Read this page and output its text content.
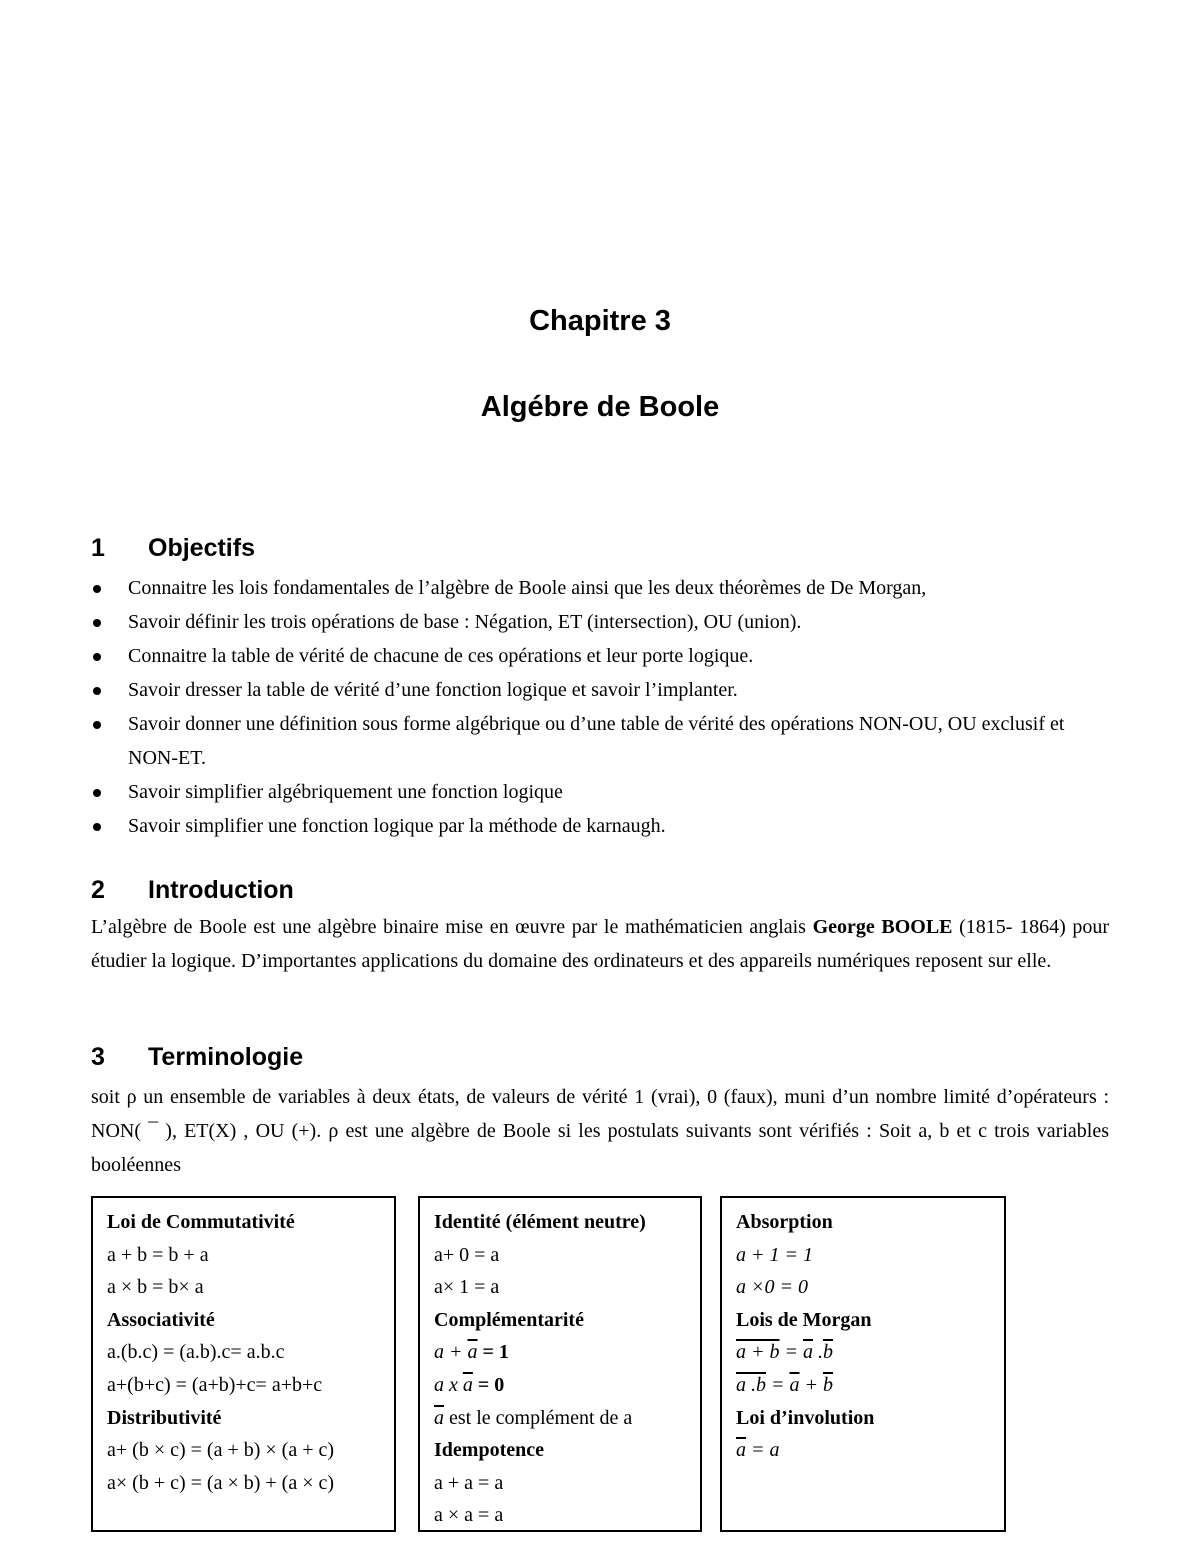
Chapitre 3
Algébre de Boole
1 Objectifs
Connaitre les lois fondamentales de l’algèbre de Boole ainsi que les deux théorèmes de De Morgan,
Savoir définir les trois opérations de base : Négation, ET (intersection), OU (union).
Connaitre la table de vérité de chacune de ces opérations et leur porte logique.
Savoir dresser la table de vérité d’une fonction logique et savoir l’implanter.
Savoir donner une définition sous forme algébrique ou d’une table de vérité des opérations NON-OU, OU exclusif et NON-ET.
Savoir simplifier algébriquement une fonction logique
Savoir simplifier une fonction logique par la méthode de karnaugh.
2 Introduction

L’algèbre de Boole est une algèbre binaire mise en œuvre par le mathématicien anglais George BOOLE (1815- 1864) pour étudier la logique. D’importantes applications du domaine des ordinateurs et des appareils numériques reposent sur elle.

3 Terminologie

soit ρ un ensemble de variables à deux états, de valeurs de vérité 1 (vrai), 0 (faux), muni d’un nombre limité d’opérateurs : NON( ¯ ), ET(X) , OU (+). ρ est une algèbre de Boole si les postulats suivants sont vérifiés : Soit a, b et c trois variables booléennes

Loi de Commutativité
a + b = b + a
a × b = b× a
Associativité
a.(b.c) = (a.b).c= a.b.c
a+(b+c) = (a+b)+c= a+b+c
Distributivité
a+ (b × c) = (a + b) × (a + c)
a× (b + c) = (a × b) + (a × c)
Identité (élément neutre)
a+ 0 = a
a× 1 = a
Complémentarité
$a + \overline{a} = 1$
a x $\overline{a} = 0$
$\overline{a}$ est le complément de a
Idempotence
a + a = a
a × a = a
Absorption
a + 1 = 1
a ×0 = 0
Lois de Morgan
$a + b = \overline{a}$ $.\overline{b}$
a $.b = \overline{a} + \overline{b}$
Loi d’involution
$\overline{a} = a$
